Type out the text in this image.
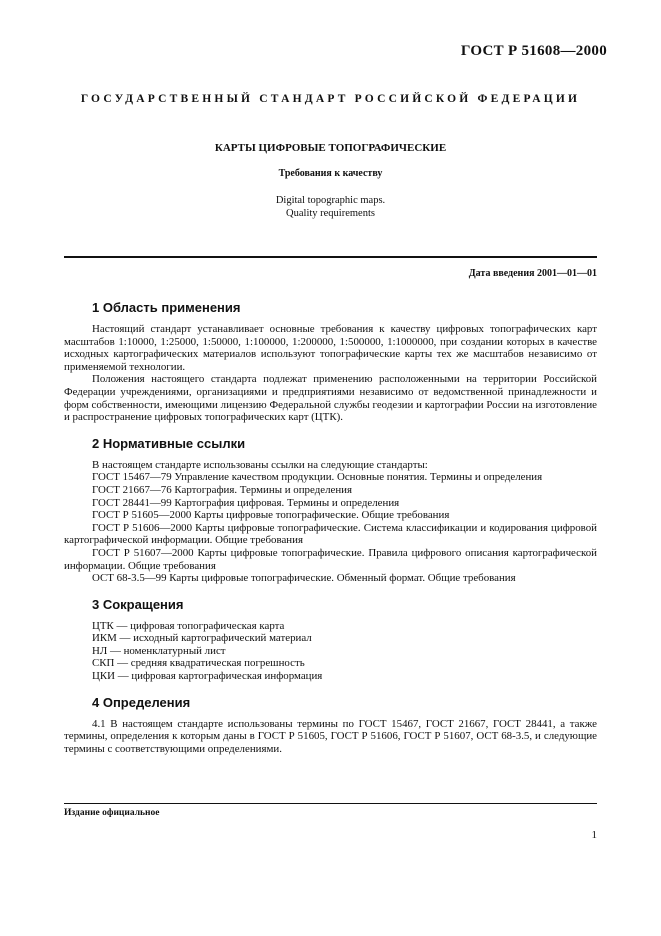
ГОСТ Р 51608—2000
ГОСУДАРСТВЕННЫЙ СТАНДАРТ РОССИЙСКОЙ ФЕДЕРАЦИИ
КАРТЫ ЦИФРОВЫЕ ТОПОГРАФИЧЕСКИЕ
Требования к качеству
Digital topographic maps.
Quality requirements
Дата введения 2001—01—01
1 Область применения

Настоящий стандарт устанавливает основные требования к качеству цифровых топографических карт масштабов 1:10000, 1:25000, 1:50000, 1:100000, 1:200000, 1:500000, 1:1000000, при создании которых в качестве исходных картографических материалов используют топографические карты тех же масштабов независимо от применяемой технологии.

Положения настоящего стандарта подлежат применению расположенными на территории Российской Федерации учреждениями, организациями и предприятиями независимо от ведомственной принадлежности и форм собственности, имеющими лицензию Федеральной службы геодезии и картографии России на изготовление и распространение цифровых топографических карт (ЦТК).

2 Нормативные ссылки

В настоящем стандарте использованы ссылки на следующие стандарты:

ГОСТ 15467—79 Управление качеством продукции. Основные понятия. Термины и определения

ГОСТ 21667—76 Картография. Термины и определения

ГОСТ 28441—99 Картография цифровая. Термины и определения

ГОСТ Р 51605—2000 Карты цифровые топографические. Общие требования

ГОСТ Р 51606—2000 Карты цифровые топографические. Система классификации и кодирования цифровой картографической информации. Общие требования

ГОСТ Р 51607—2000 Карты цифровые топографические. Правила цифрового описания картографической информации. Общие требования

ОСТ 68-3.5—99 Карты цифровые топографические. Обменный формат. Общие требования

3 Сокращения
ЦТК — цифровая топографическая карта
ИКМ — исходный картографический материал
НЛ — номенклатурный лист
СКП — средняя квадратическая погрешность
ЦКИ — цифровая картографическая информация
4 Определения

4.1 В настоящем стандарте использованы термины по ГОСТ 15467, ГОСТ 21667, ГОСТ 28441, а также термины, определения к которым даны в ГОСТ Р 51605, ГОСТ Р 51606, ГОСТ Р 51607, ОСТ 68-3.5, и следующие термины с соответствующими определениями.

Издание официальное
1
